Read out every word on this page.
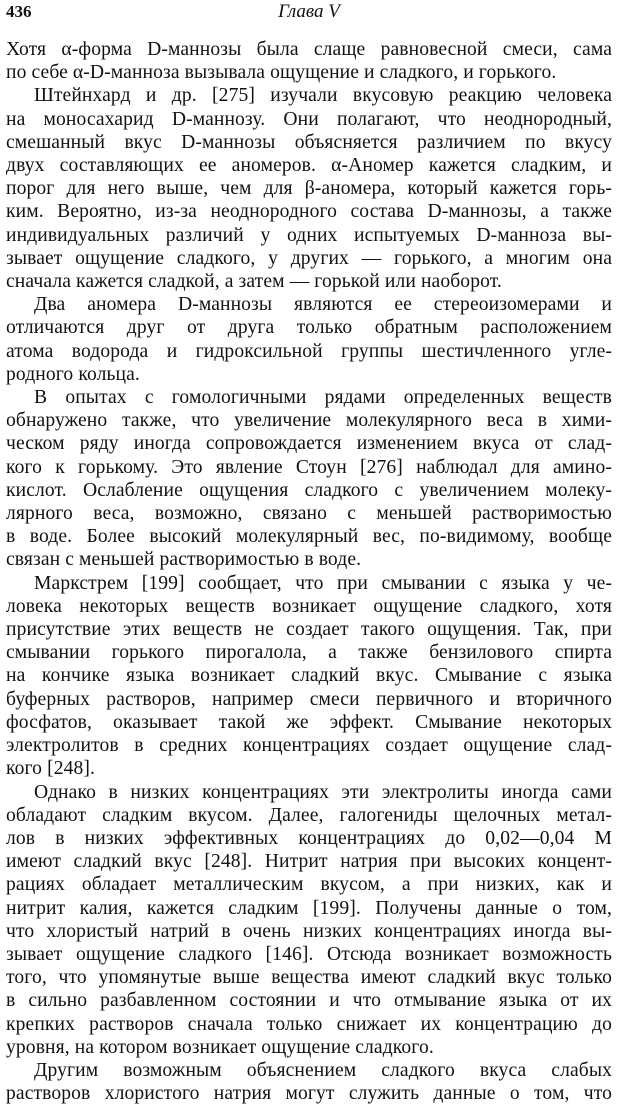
436	Глава V
Хотя α-форма D-маннозы была слаще равновесной смеси, сама
по себе α-D-манноза вызывала ощущение и сладкого, и горького.
Штейнхард и др. [275] изучали вкусовую реакцию человека
на моносахарид D-маннозу. Они полагают, что неоднородный,
смешанный вкус D-маннозы объясняется различием по вкусу
двух составляющих ее аномеров. α-Аномер кажется сладким, и
порог для него выше, чем для β-аномера, который кажется горь-
ким. Вероятно, из-за неоднородного состава D-маннозы, а также
индивидуальных различий у одних испытуемых D-манноза вы-
зывает ощущение сладкого, у других — горького, а многим она
сначала кажется сладкой, а затем — горькой или наоборот.
Два аномера D-маннозы являются ее стереоизомерами и
отличаются друг от друга только обратным расположением
атома водорода и гидроксильной группы шестичленного угле-
родного кольца.
В опытах с гомологичными рядами определенных веществ
обнаружено также, что увеличение молекулярного веса в хими-
ческом ряду иногда сопровождается изменением вкуса от слад-
кого к горькому. Это явление Стоун [276] наблюдал для амино-
кислот. Ослабление ощущения сладкого с увеличением молеку-
лярного веса, возможно, связано с меньшей растворимостью
в воде. Более высокий молекулярный вес, по-видимому, вообще
связан с меньшей растворимостью в воде.
Маркстрем [199] сообщает, что при смывании с языка у че-
ловека некоторых веществ возникает ощущение сладкого, хотя
присутствие этих веществ не создает такого ощущения. Так, при
смывании горького пирогалола, а также бензилового спирта
на кончике языка возникает сладкий вкус. Смывание с языка
буферных растворов, например смеси первичного и вторичного
фосфатов, оказывает такой же эффект. Смывание некоторых
электролитов в средних концентрациях создает ощущение слад-
кого [248].
Однако в низких концентрациях эти электролиты иногда сами
обладают сладким вкусом. Далее, галогениды щелочных метал-
лов в низких эффективных концентрациях до 0,02—0,04 М
имеют сладкий вкус [248]. Нитрит натрия при высоких концент-
рациях обладает металлическим вкусом, а при низких, как и
нитрит калия, кажется сладким [199]. Получены данные о том,
что хлористый натрий в очень низких концентрациях иногда вы-
зывает ощущение сладкого [146]. Отсюда возникает возможность
того, что упомянутые выше вещества имеют сладкий вкус только
в сильно разбавленном состоянии и что отмывание языка от их
крепких растворов сначала только снижает их концентрацию до
уровня, на котором возникает ощущение сладкого.
Другим возможным объяснением сладкого вкуса слабых
растворов хлористого натрия могут служить данные о том, что
